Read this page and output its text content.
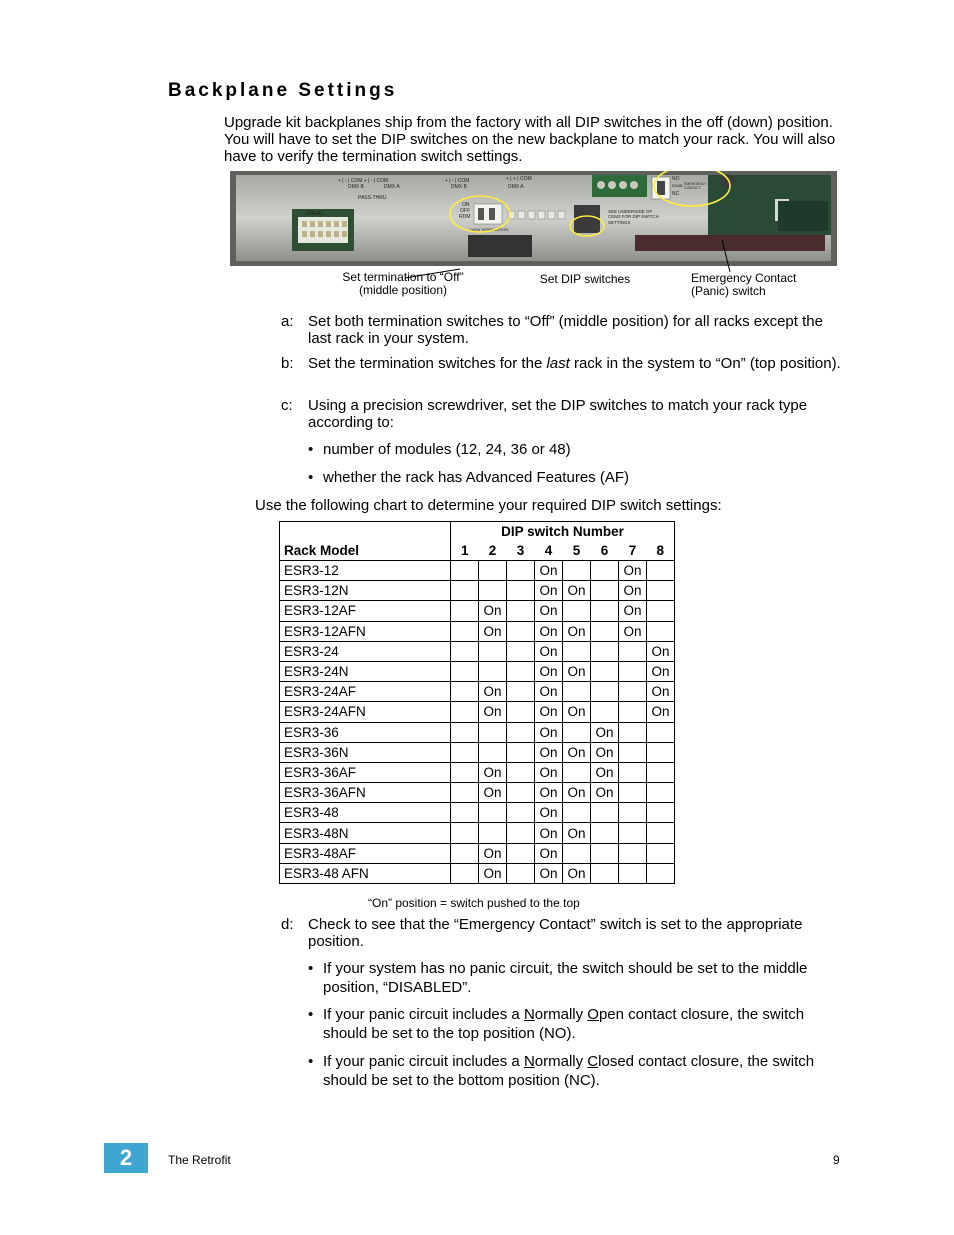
Backplane Settings

Upgrade kit backplanes ship from the factory with all DIP switches in the off (down) position. You will have to set the DIP switches on the new backplane to match your rack. You will also have to verify the termination switch settings.

+ | - | COM + | - | COM
DMX B	DMX A
PASS-THRU
+ | - | COM
DMX B
+ | + | COM
DMX A
120VAC
ON
OFF
RDM
DATA TERMINATION
SEE UNDERSIDE OF
CEM3 FOR DIP SWITCH
SETTINGS
NO
DISAB.
NC
EMERGENCY
CONTACT
Set termination to “Off”
(middle position)
Set DIP switches	Emergency Contact
(Panic) switch
a: Set both termination switches to “Off” (middle position) for all racks except the last rack in your system.
b: Set the termination switches for the last rack in the system to “On” (top position).
c: Using a precision screwdriver, set the DIP switches to match your rack type according to:
• number of modules (12, 24, 36 or 48)
• whether the rack has Advanced Features (AF)
Use the following chart to determine your required DIP switch settings:
	DIP switch Number							
Rack Model	1	2	3	4	5	6	7	8
ESR3-12				On			On	
ESR3-12N				On	On		On	
ESR3-12AF		On		On			On	
ESR3-12AFN		On		On	On		On	
ESR3-24				On				On
ESR3-24N				On	On			On
ESR3-24AF		On		On				On
ESR3-24AFN		On		On	On			On
ESR3-36				On		On		
ESR3-36N				On	On	On		
ESR3-36AF		On		On		On		
ESR3-36AFN		On		On	On	On		
ESR3-48				On				
ESR3-48N				On	On			
ESR3-48AF		On		On				
ESR3-48 AFN		On		On	On			
“On” position = switch pushed to the top
d: Check to see that the “Emergency Contact” switch is set to the appropriate position.
• If your system has no panic circuit, the switch should be set to the middle position, “DISABLED”.
• If your panic circuit includes a Normally Open contact closure, the switch should be set to the top position (NO).
• If your panic circuit includes a Normally Closed contact closure, the switch should be set to the bottom position (NC).
2	The Retrofit	9
